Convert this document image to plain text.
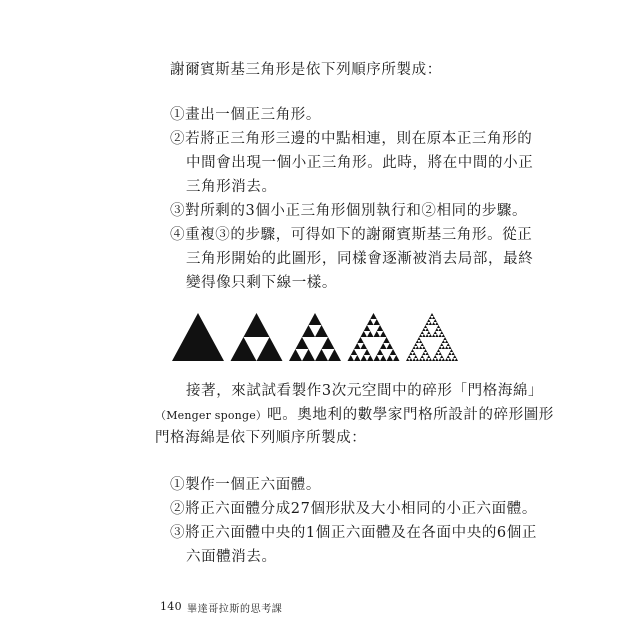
謝爾賓斯基三角形是依下列順序所製成：
①畫出一個正三角形。
②若將正三角形三邊的中點相連，則在原本正三角形的
中間會出現一個小正三角形。此時，將在中間的小正
三角形消去。
③對所剩的3個小正三角形個別執行和②相同的步驟。
④重複③的步驟，可得如下的謝爾賓斯基三角形。從正
三角形開始的此圖形，同樣會逐漸被消去局部，最終
變得像只剩下線一樣。
接著，來試試看製作3次元空間中的碎形「門格海綿」
（Menger sponge）吧。奧地利的數學家門格所設計的碎形圖形
門格海綿是依下列順序所製成：
①製作一個正六面體。
②將正六面體分成27個形狀及大小相同的小正六面體。
③將正六面體中央的1個正六面體及在各面中央的6個正
六面體消去。
140 畢達哥拉斯的思考課
